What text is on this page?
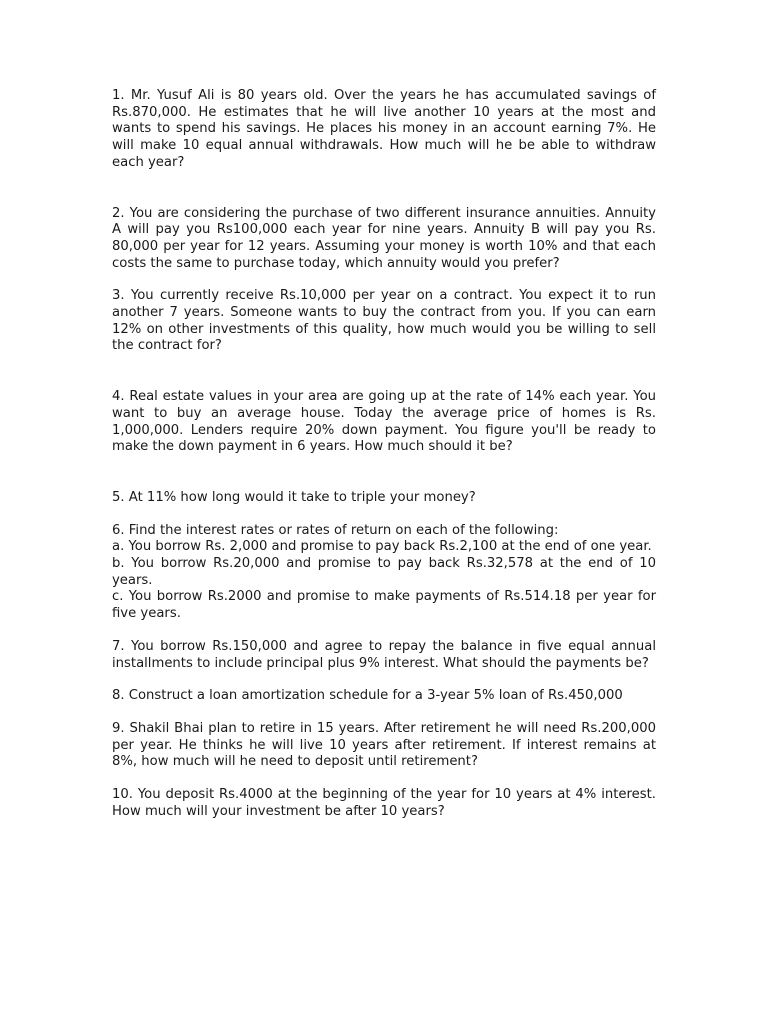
1. Mr. Yusuf Ali is 80 years old. Over the years he has accumulated savings of Rs.870,000. He estimates that he will live another 10 years at the most and wants to spend his savings. He places his money in an account earning 7%. He will make 10 equal annual withdrawals. How much will he be able to withdraw each year?

2. You are considering the purchase of two different insurance annuities. Annuity A will pay you Rs100,000 each year for nine years. Annuity B will pay you Rs. 80,000 per year for 12 years. Assuming your money is worth 10% and that each costs the same to purchase today, which annuity would you prefer?

3. You currently receive Rs.10,000 per year on a contract. You expect it to run another 7 years. Someone wants to buy the contract from you. If you can earn 12% on other investments of this quality, how much would you be willing to sell the contract for?

4. Real estate values in your area are going up at the rate of 14% each year. You want to buy an average house. Today the average price of homes is Rs. 1,000,000. Lenders require 20% down payment. You figure you'll be ready to make the down payment in 6 years. How much should it be?

5. At 11% how long would it take to triple your money?

6. Find the interest rates or rates of return on each of the following:
a. You borrow Rs. 2,000 and promise to pay back Rs.2,100 at the end of one year.
b. You borrow Rs.20,000 and promise to pay back Rs.32,578 at the end of 10 years.
c. You borrow Rs.2000 and promise to make payments of Rs.514.18 per year for five years.

7. You borrow Rs.150,000 and agree to repay the balance in five equal annual installments to include principal plus 9% interest. What should the payments be?

8. Construct a loan amortization schedule for a 3-year 5% loan of Rs.450,000

9. Shakil Bhai plan to retire in 15 years. After retirement he will need Rs.200,000 per year. He thinks he will live 10 years after retirement. If interest remains at 8%, how much will he need to deposit until retirement?

10. You deposit Rs.4000 at the beginning of the year for 10 years at 4% interest. How much will your investment be after 10 years?
